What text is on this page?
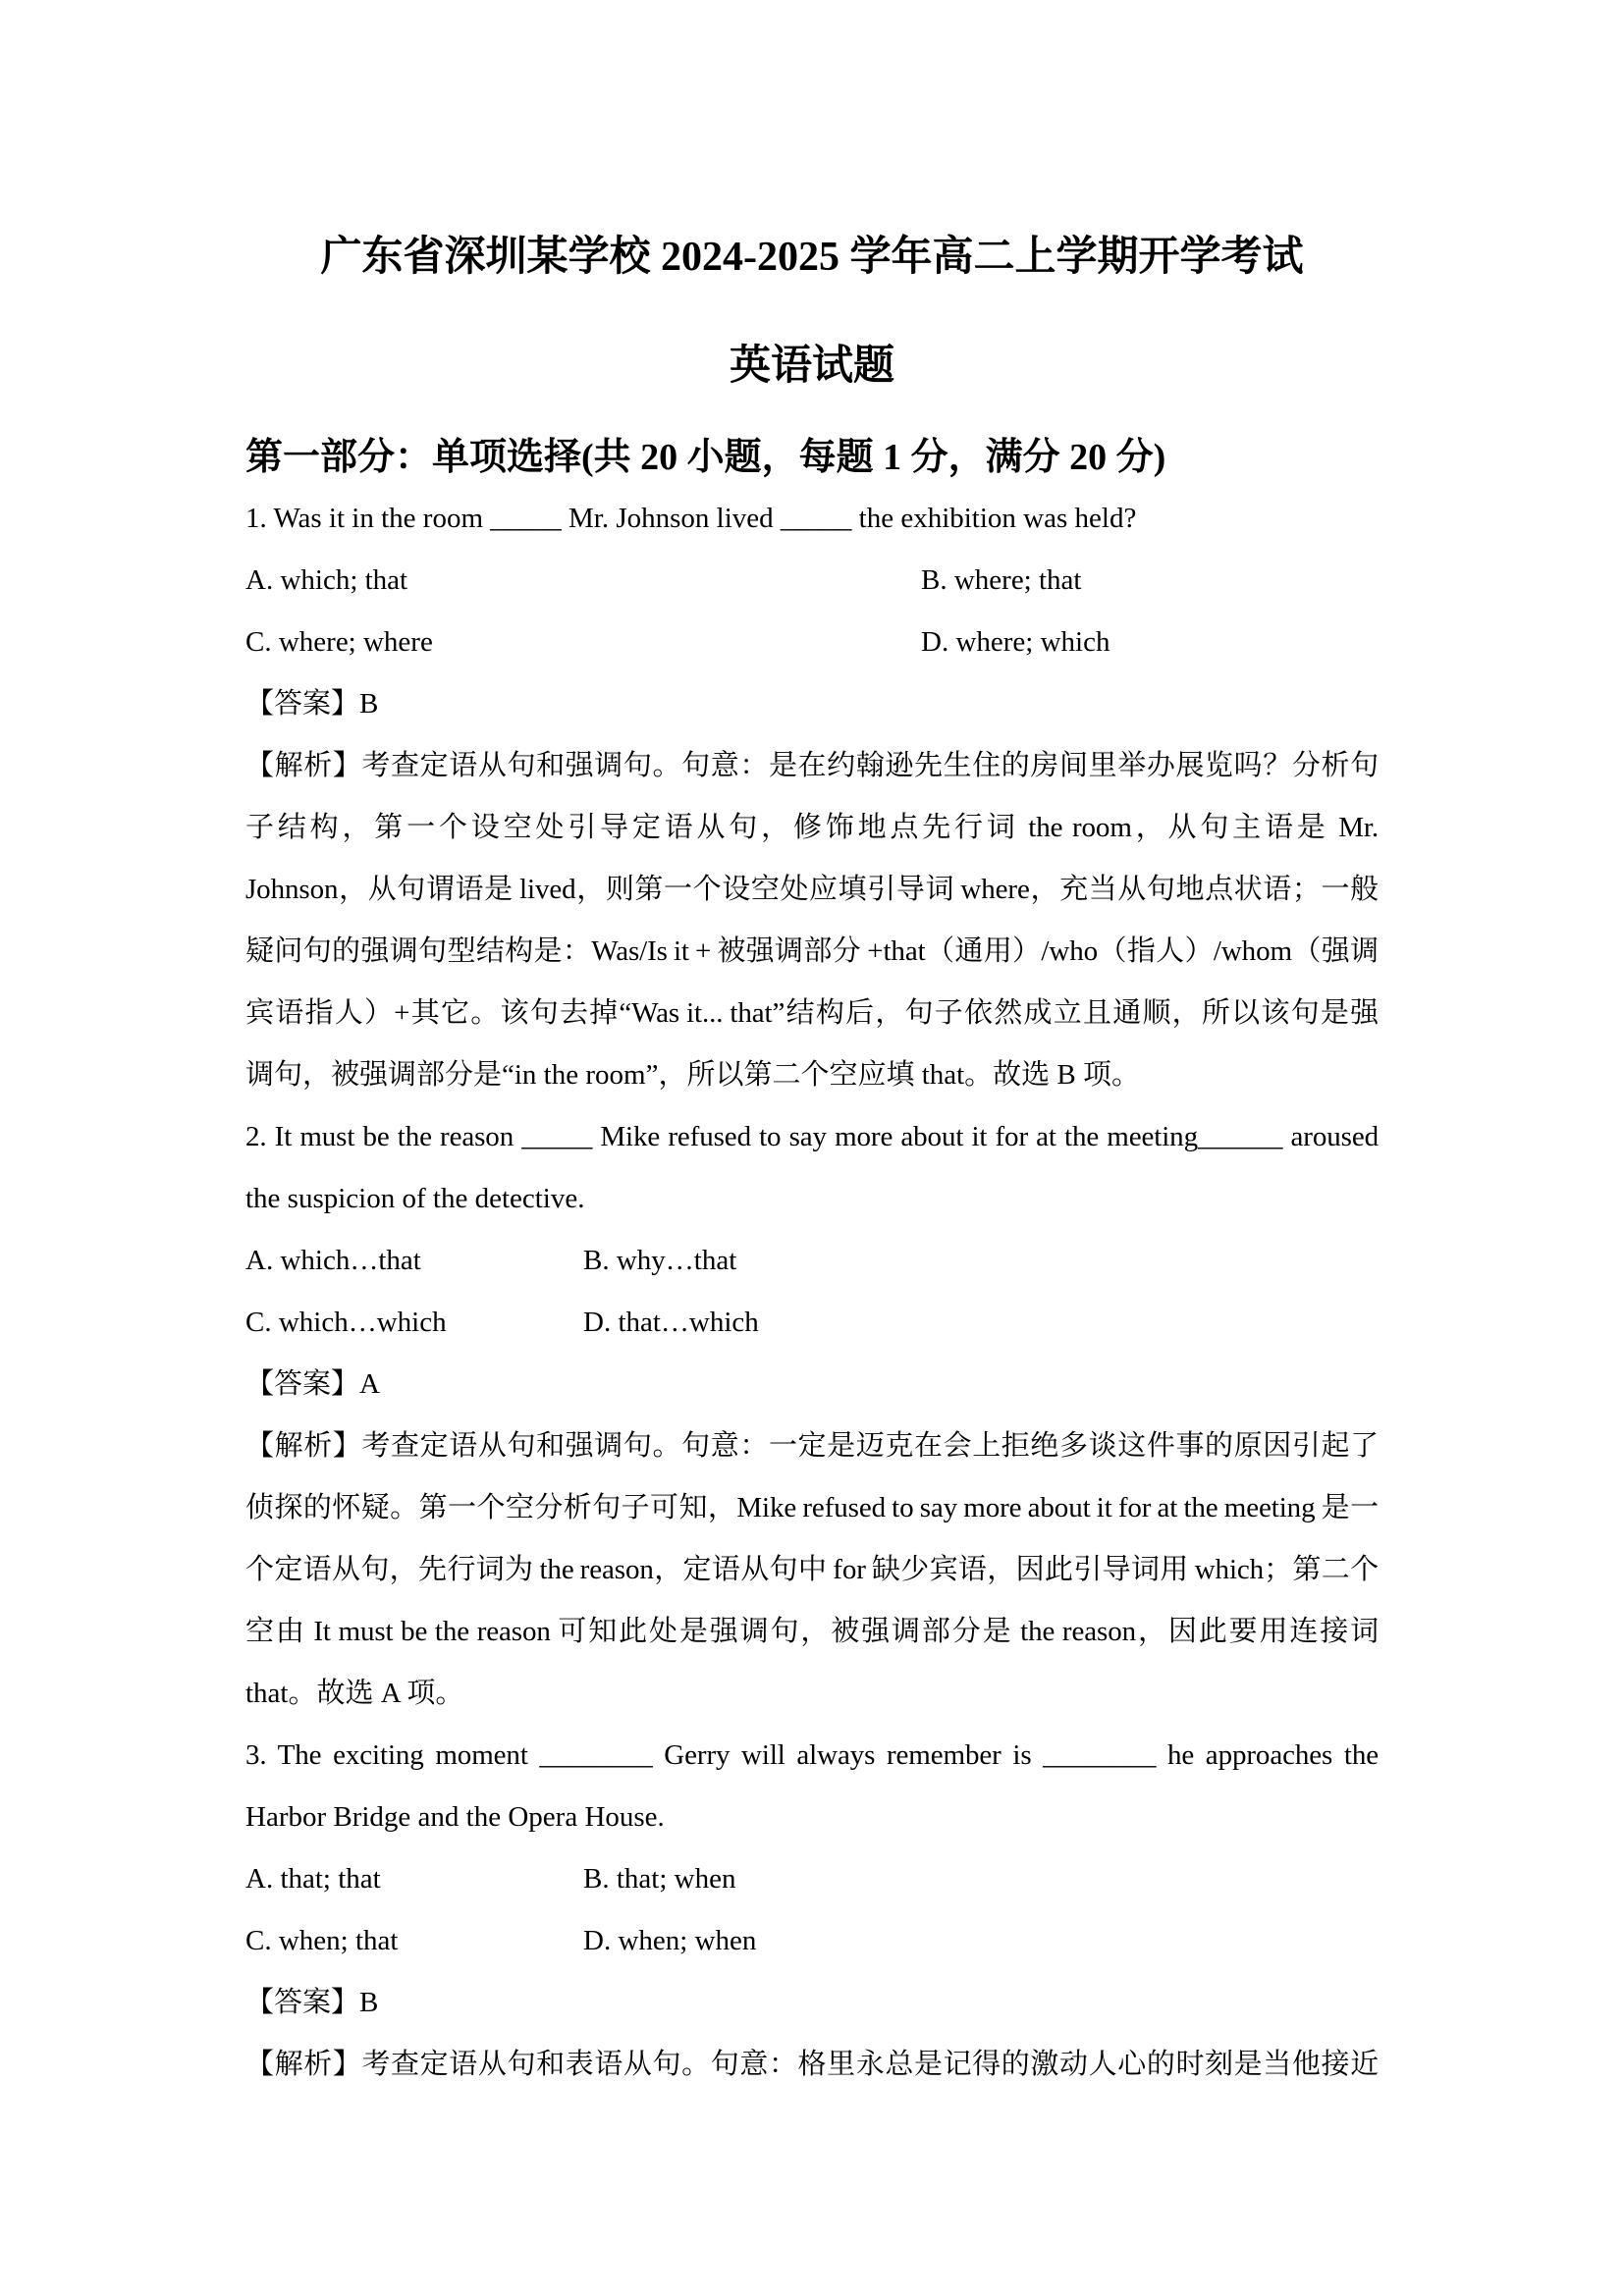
广东省深圳某学校 2024-2025 学年高二上学期开学考试
英语试题
第一部分：单项选择(共 20 小题，每题 1 分，满分 20 分)
1. Was it in the room _____ Mr. Johnson lived _____ the exhibition was held?
A. which; that	B. where; that
C. where; where	D. where; which
【答案】B
【解析】考查定语从句和强调句。句意：是在约翰逊先生住的房间里举办展览吗？分析句
子结构，第一个设空处引导定语从句，修饰地点先行词 the room，从句主语是 Mr.
Johnson，从句谓语是 lived，则第一个设空处应填引导词 where，充当从句地点状语；一般
疑问句的强调句型结构是：Was/Is it + 被强调部分 +that（通用）/who（指人）/whom（强调
宾语指人）+其它。该句去掉“Was it... that”结构后，句子依然成立且通顺，所以该句是强
调句，被强调部分是“in the room”，所以第二个空应填 that。故选 B 项。
2. It must be the reason _____ Mike refused to say more about it for at the meeting______ aroused
the suspicion of the detective.
A. which…that	B. why…that
C. which…which	D. that…which
【答案】A
【解析】考查定语从句和强调句。句意：一定是迈克在会上拒绝多谈这件事的原因引起了
侦探的怀疑。第一个空分析句子可知，Mike refused to say more about it for at the meeting 是一
个定语从句，先行词为 the reason，定语从句中 for 缺少宾语，因此引导词用 which；第二个
空由 It must be the reason 可知此处是强调句，被强调部分是 the reason，因此要用连接词
that。故选 A 项。
3. The exciting moment ________ Gerry will always remember is ________ he approaches the
Harbor Bridge and the Opera House.
A. that; that	B. that; when
C. when; that	D. when; when
【答案】B
【解析】考查定语从句和表语从句。句意：格里永总是记得的激动人心的时刻是当他接近
